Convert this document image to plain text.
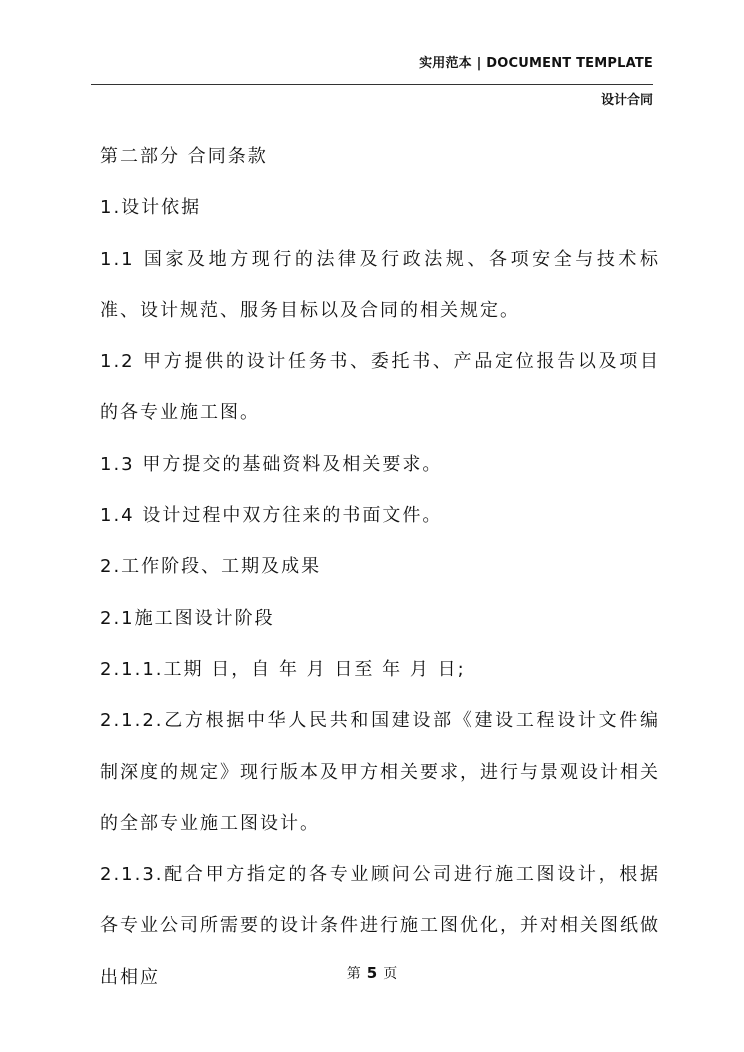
实用范本 | DOCUMENT TEMPLATE
设计合同

第二部分 合同条款

1.设计依据

1.1 国家及地方现行的法律及行政法规、各项安全与技术标准、设计规范、服务目标以及合同的相关规定。

1.2 甲方提供的设计任务书、委托书、产品定位报告以及项目的各专业施工图。

1.3 甲方提交的基础资料及相关要求。

1.4 设计过程中双方往来的书面文件。

2.工作阶段、工期及成果

2.1施工图设计阶段

2.1.1.工期 日，自 年 月 日至 年 月 日;

2.1.2.乙方根据中华人民共和国建设部《建设工程设计文件编制深度的规定》现行版本及甲方相关要求，进行与景观设计相关的全部专业施工图设计。

2.1.3.配合甲方指定的各专业顾问公司进行施工图设计，根据各专业公司所需要的设计条件进行施工图优化，并对相关图纸做出相应	第 5 页
